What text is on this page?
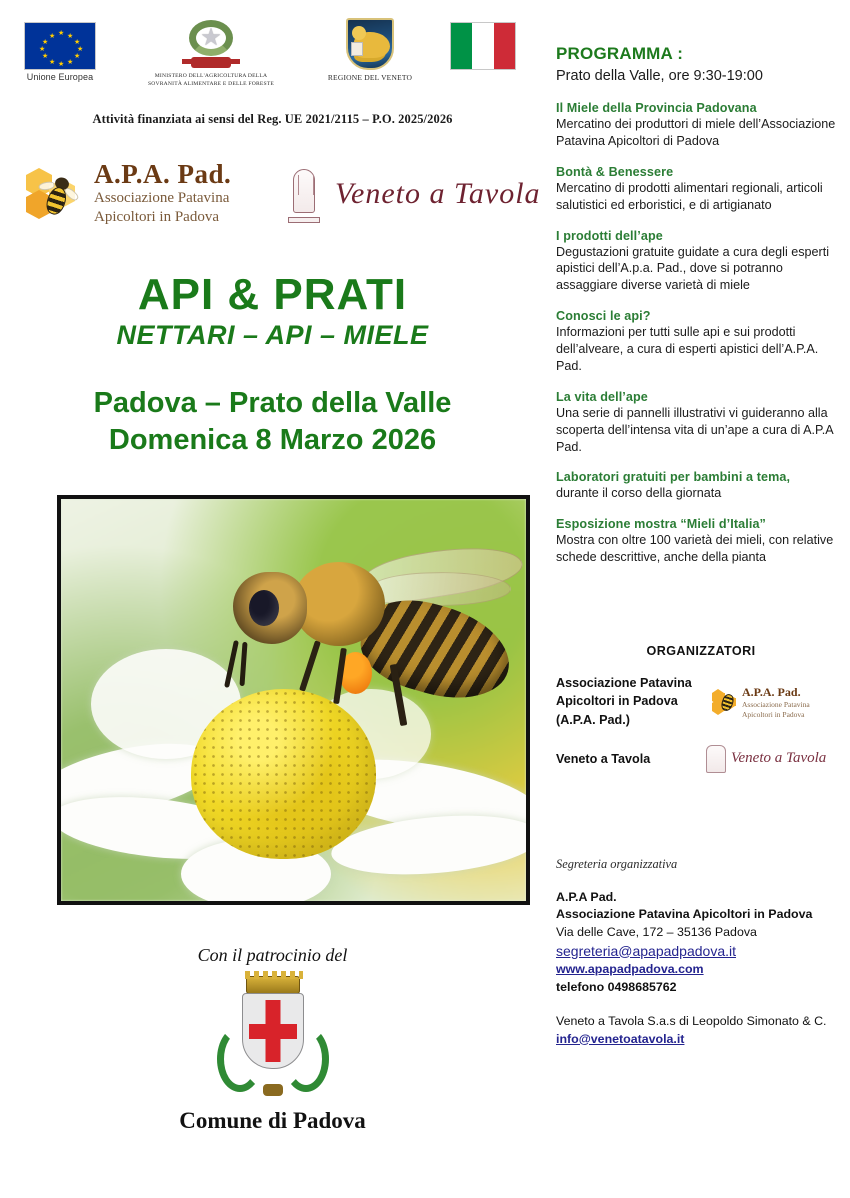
★
★ ★
★	★
★	★
★	★
★ ★
★
Unione Europea
★
MINISTERO DELL'AGRICOLTURA DELLA
SOVRANITÀ ALIMENTARE E DELLE FORESTE
REGIONE DEL VENETO
Attività finanziata ai sensi del Reg. UE 2021/2115 – P.O. 2025/2026
A.P.A. Pad.
Associazione Patavina
Apicoltori in Padova
Veneto a Tavola
API & PRATI
NETTARI – API – MIELE
Padova – Prato della Valle
Domenica 8 Marzo 2026
Con il patrocinio del
Comune di Padova
PROGRAMMA :
Prato della Valle, ore 9:30-19:00
Il Miele della Provincia Padovana

Mercatino dei produttori di miele dell’Associazione Patavina Apicoltori di Padova

Bontà & Benessere

Mercatino di prodotti alimentari regionali, articoli salutistici ed erboristici, e di artigianato

I prodotti dell’ape

Degustazioni gratuite guidate a cura degli esperti apistici dell’A.p.a. Pad., dove si potranno assaggiare diverse varietà di miele

Conosci le api?

Informazioni per tutti sulle api e sui prodotti dell’alveare, a cura di esperti apistici dell’A.P.A. Pad.

La vita dell’ape

Una serie di pannelli illustrativi vi guideranno alla scoperta dell’intensa vita di un’ape a cura di A.P.A Pad.

Laboratori gratuiti per bambini a tema,

durante il corso della giornata

Esposizione mostra “Mieli d’Italia”

Mostra con oltre 100 varietà dei mieli, con relative schede descrittive, anche della pianta

ORGANIZZATORI
Associazione Patavina Apicoltori in Padova (A.P.A. Pad.)
A.P.A. Pad.
Associazione Patavina
Apicoltori in Padova
Veneto a Tavola	Veneto a Tavola
Segreteria organizzativa
A.P.A Pad.
Associazione Patavina Apicoltori in Padova
Via delle Cave, 172 – 35136 Padova
segreteria@apapadpadova.it
www.apapadpadova.com
telefono 0498685762
Veneto a Tavola S.a.s di Leopoldo Simonato & C.
info@venetoatavola.it
